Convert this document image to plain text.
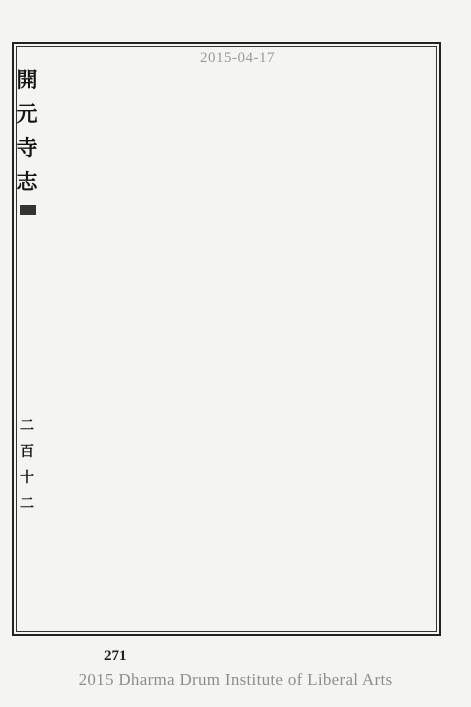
2015-04-17
開
元
寺
志
二
百
十
二
271
2015 Dharma Drum Institute of Liberal Arts
